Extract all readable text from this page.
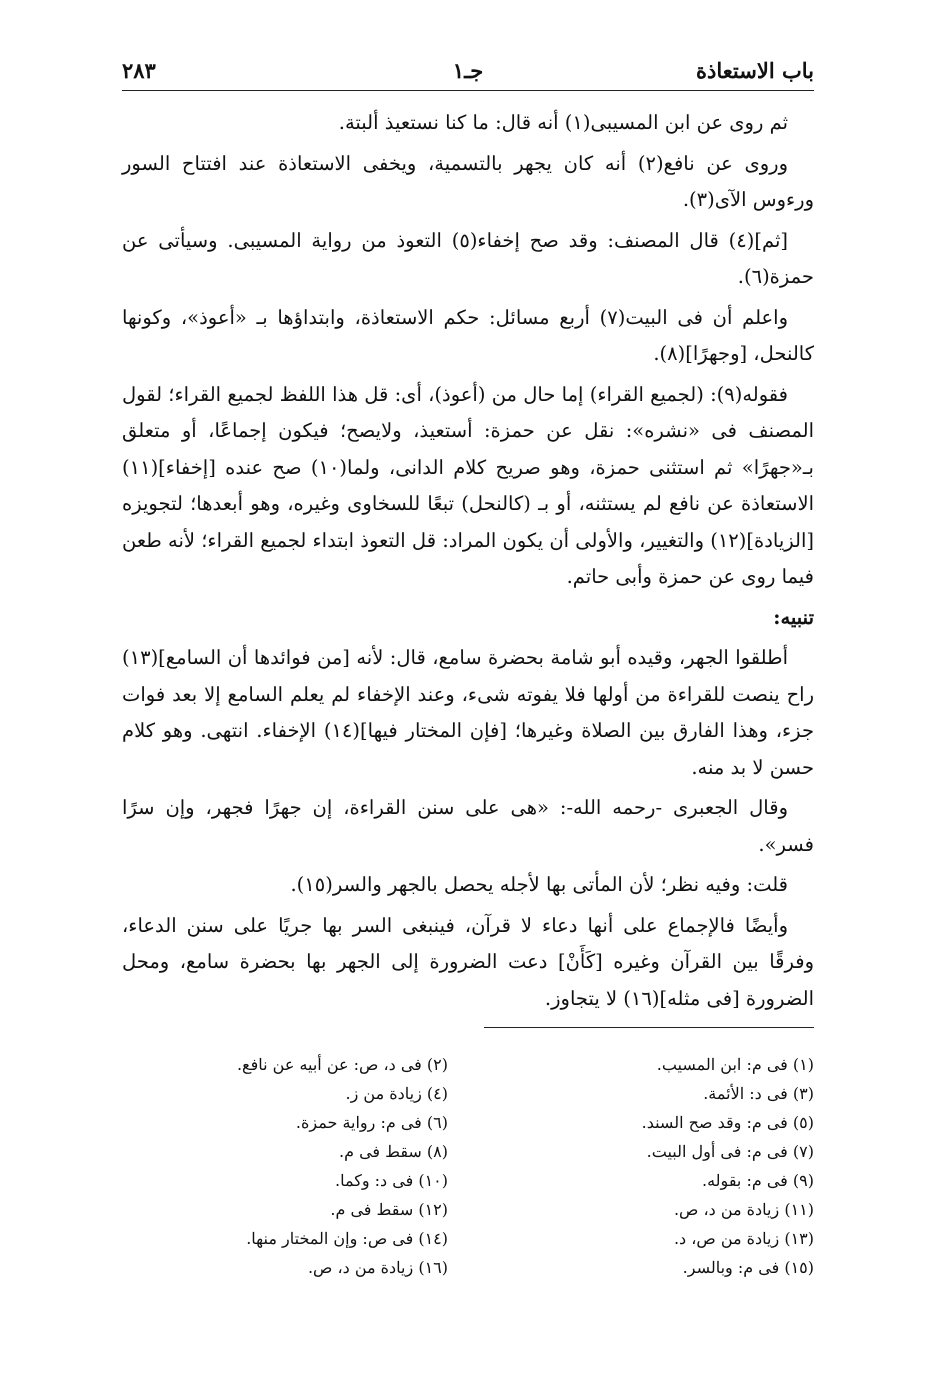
باب الاستعاذة
جـ١
٢٨٣

ثم روى عن ابن المسيبى(١) أنه قال: ما كنا نستعيذ ألبتة.

وروى عن نافع(٢) أنه كان يجهر بالتسمية، ويخفى الاستعاذة عند افتتاح السور ورءوس الآى(٣).

[ثم](٤) قال المصنف: وقد صح إخفاء(٥) التعوذ من رواية المسيبى. وسيأتى عن حمزة(٦).

واعلم أن فى البيت(٧) أربع مسائل: حكم الاستعاذة، وابتداؤها بـ «أعوذ»، وكونها كالنحل، [وجهرًا](٨).

فقوله(٩): (لجميع القراء) إما حال من (أعوذ)، أى: قل هذا اللفظ لجميع القراء؛ لقول المصنف فى «نشره»: نقل عن حمزة: أستعيذ، ولايصح؛ فيكون إجماعًا، أو متعلق بـ«جهرًا» ثم استثنى حمزة، وهو صريح كلام الدانى، ولما(١٠) صح عنده [إخفاء](١١) الاستعاذة عن نافع لم يستثنه، أو بـ (كالنحل) تبعًا للسخاوى وغيره، وهو أبعدها؛ لتجويزه [الزيادة](١٢) والتغيير، والأولى أن يكون المراد: قل التعوذ ابتداء لجميع القراء؛ لأنه طعن فيما روى عن حمزة وأبى حاتم.

تنبيه:

أطلقوا الجهر، وقيده أبو شامة بحضرة سامع، قال: لأنه [من فوائدها أن السامع](١٣) راح ينصت للقراءة من أولها فلا يفوته شىء، وعند الإخفاء لم يعلم السامع إلا بعد فوات جزء، وهذا الفارق بين الصلاة وغيرها؛ [فإن المختار فيها](١٤) الإخفاء. انتهى. وهو كلام حسن لا بد منه.

وقال الجعبرى -رحمه الله-: «هى على سنن القراءة، إن جهرًا فجهر، وإن سرًا فسر».

قلت: وفيه نظر؛ لأن المأتى بها لأجله يحصل بالجهر والسر(١٥).

وأيضًا فالإجماع على أنها دعاء لا قرآن، فينبغى السر بها جريًا على سنن الدعاء، وفرقًا بين القرآن وغيره [كَأَنْ] دعت الضرورة إلى الجهر بها بحضرة سامع، ومحل الضرورة [فى مثله](١٦) لا يتجاوز.

(١) فى م: ابن المسيب.
(٣) فى د: الأئمة.
(٥) فى م: وقد صح السند.
(٧) فى م: فى أول البيت.
(٩) فى م: بقوله.
(١١) زيادة من د، ص.
(١٣) زيادة من ص، د.
(١٥) فى م: وبالسر.
(٢) فى د، ص: عن أبيه عن نافع.
(٤) زيادة من ز.
(٦) فى م: رواية حمزة.
(٨) سقط فى م.
(١٠) فى د: وكما.
(١٢) سقط فى م.
(١٤) فى ص: وإن المختار منها.
(١٦) زيادة من د، ص.
